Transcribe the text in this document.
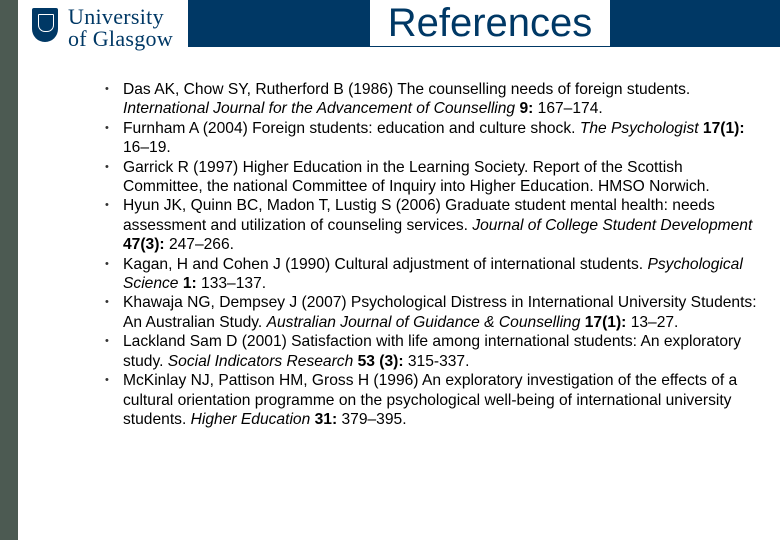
University
of Glasgow	References
• Das AK, Chow SY, Rutherford B (1986) The counselling needs of foreign students. International Journal for the Advancement of Counselling 9: 167–174.
• Furnham A (2004) Foreign students: education and culture shock. The Psychologist 17(1): 16–19.
• Garrick R (1997) Higher Education in the Learning Society. Report of the Scottish Committee, the national Committee of Inquiry into Higher Education. HMSO Norwich.
• Hyun JK, Quinn BC, Madon T, Lustig S (2006) Graduate student mental health: needs assessment and utilization of counseling services. Journal of College Student Development 47(3): 247–266.
• Kagan, H and Cohen J (1990) Cultural adjustment of international students. Psychological Science 1: 133–137.
• Khawaja NG, Dempsey J (2007) Psychological Distress in International University Students: An Australian Study. Australian Journal of Guidance & Counselling 17(1): 13–27.
• Lackland Sam D (2001) Satisfaction with life among international students: An exploratory study. Social Indicators Research 53 (3): 315-337.
• McKinlay NJ, Pattison HM, Gross H (1996) An exploratory investigation of the effects of a cultural orientation programme on the psychological well-being of international university students. Higher Education 31: 379–395.
